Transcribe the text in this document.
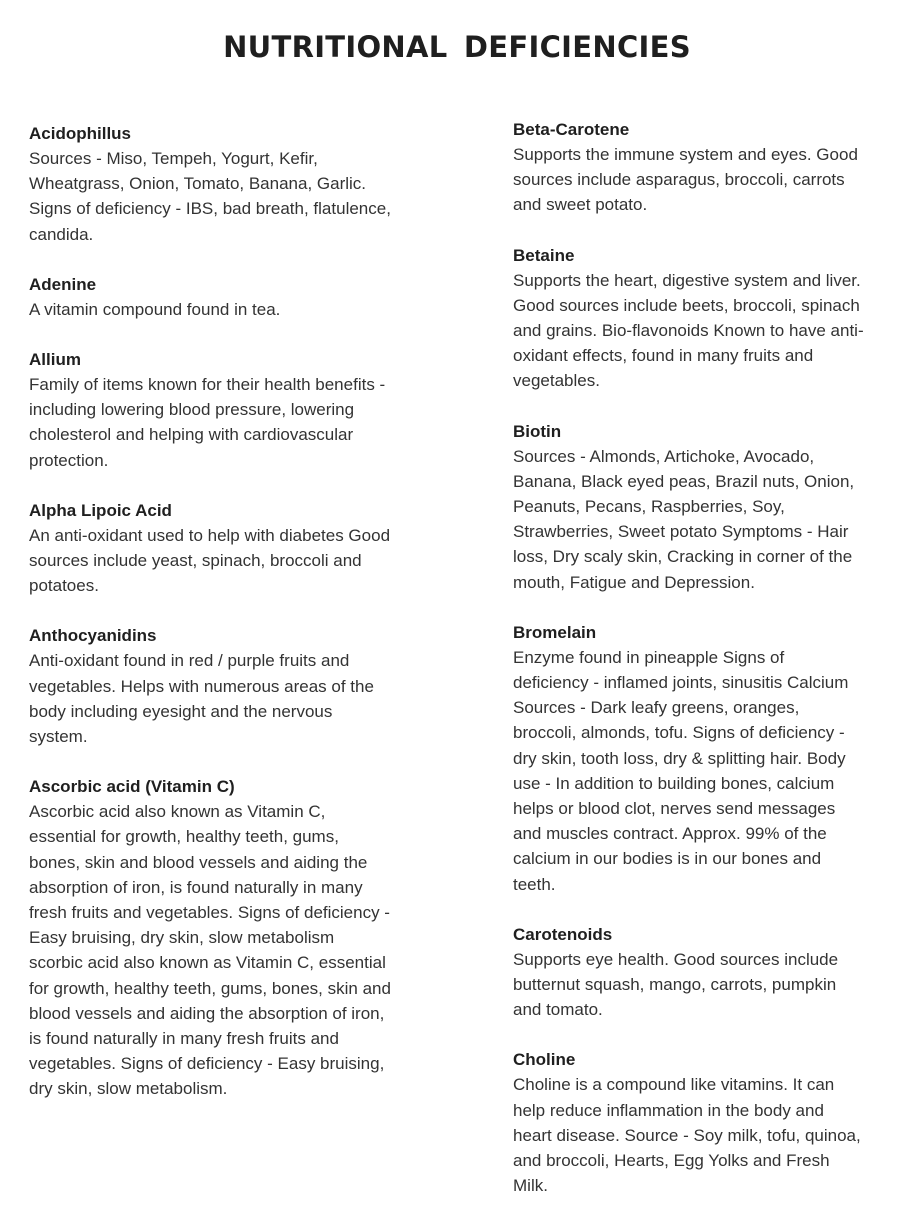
NUTRITIONAL DEFICIENCIES
Acidophillus
Sources - Miso, Tempeh, Yogurt, Kefir,
Wheatgrass, Onion, Tomato, Banana, Garlic.
Signs of deficiency - IBS, bad breath, flatulence,
candida.
Adenine
A vitamin compound found in tea.
Allium
Family of items known for their health benefits -
including lowering blood pressure, lowering
cholesterol and helping with cardiovascular
protection.
Alpha Lipoic Acid
An anti-oxidant used to help with diabetes Good
sources include yeast, spinach, broccoli and
potatoes.
Anthocyanidins
Anti-oxidant found in red / purple fruits and
vegetables. Helps with numerous areas of the
body including eyesight and the nervous
system.
Ascorbic acid (Vitamin C)
Ascorbic acid also known as Vitamin C,
essential for growth, healthy teeth, gums,
bones, skin and blood vessels and aiding the
absorption of iron, is found naturally in many
fresh fruits and vegetables. Signs of deficiency -
Easy bruising, dry skin, slow metabolism
scorbic acid also known as Vitamin C, essential
for growth, healthy teeth, gums, bones, skin and
blood vessels and aiding the absorption of iron,
is found naturally in many fresh fruits and
vegetables. Signs of deficiency - Easy bruising,
dry skin, slow metabolism.
Beta-Carotene
Supports the immune system and eyes. Good
sources include asparagus, broccoli, carrots
and sweet potato.
Betaine
Supports the heart, digestive system and liver.
Good sources include beets, broccoli, spinach
and grains. Bio-flavonoids Known to have anti-
oxidant effects, found in many fruits and
vegetables.
Biotin
Sources - Almonds, Artichoke, Avocado,
Banana, Black eyed peas, Brazil nuts, Onion,
Peanuts, Pecans, Raspberries, Soy,
Strawberries, Sweet potato Symptoms - Hair
loss, Dry scaly skin, Cracking in corner of the
mouth, Fatigue and Depression.
Bromelain
Enzyme found in pineapple Signs of
deficiency - inflamed joints, sinusitis Calcium
Sources - Dark leafy greens, oranges,
broccoli, almonds, tofu. Signs of deficiency -
dry skin, tooth loss, dry & splitting hair. Body
use - In addition to building bones, calcium
helps or blood clot, nerves send messages
and muscles contract. Approx. 99% of the
calcium in our bodies is in our bones and
teeth.
Carotenoids
Supports eye health. Good sources include
butternut squash, mango, carrots, pumpkin
and tomato.
Choline
Choline is a compound like vitamins. It can
help reduce inflammation in the body and
heart disease. Source - Soy milk, tofu, quinoa,
and broccoli, Hearts, Egg Yolks and Fresh
Milk.
